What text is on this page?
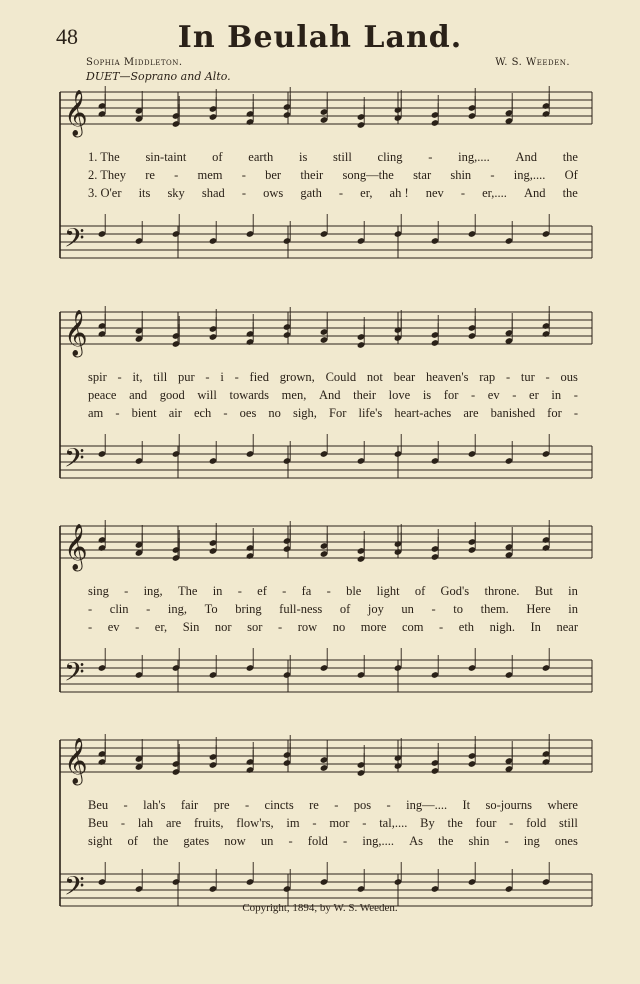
48	In Beulah Land.
Sophia Middleton.	W. S. Weeden.
DUET—Soprano and Alto.
𝄞
𝄢
1. The sin-taint of earth is still cling - ing,.... And the
2. They re - mem - ber their song—the star shin - ing,.... Of
3. O'er its sky shad - ows gath - er, ah ! nev - er,.... And the
𝄞
𝄢
spir - it, till pur - i - fied grown, Could not bear heaven's rap - tur - ous
peace and good will towards men, And their love is for - ev - er in -
am - bient air ech - oes no sigh, For life's heart-aches are banished for -
𝄞
𝄢
sing - ing, The in - ef - fa - ble light of God's throne. But in
- clin - ing, To bring full-ness of joy un - to them. Here in
- ev - er, Sin nor sor - row no more com - eth nigh. In near
𝄞
𝄢
Beu - lah's fair pre - cincts re - pos - ing—.... It so-journs where
Beu - lah are fruits, flow'rs, im - mor - tal,.... By the four - fold still
sight of the gates now un - fold - ing,.... As the shin - ing ones
Copyright, 1894, by W. S. Weeden.
